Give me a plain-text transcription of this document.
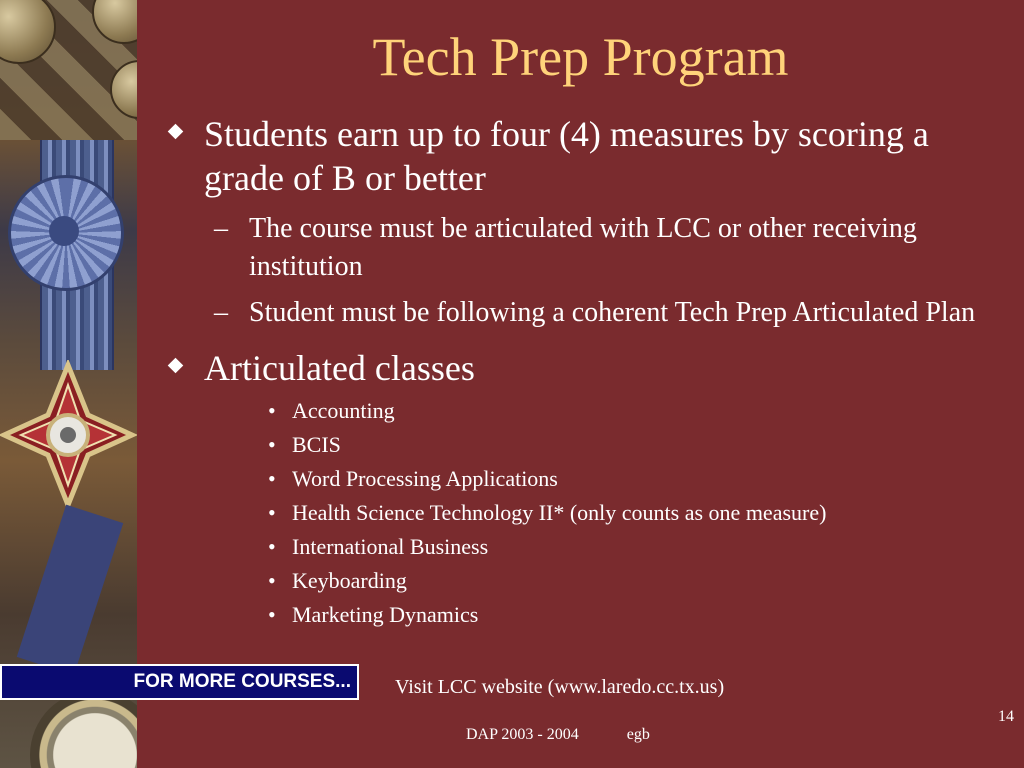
Tech Prep Program
Students earn up to four (4) measures by scoring a grade of B or better
– The course must be articulated with LCC or other receiving institution
– Student must be following a coherent Tech Prep Articulated Plan
Articulated classes
• Accounting
• BCIS
• Word Processing Applications
• Health Science Technology II* (only counts as one measure)
• International Business
• Keyboarding
• Marketing Dynamics
FOR MORE COURSES...	Visit LCC website (www.laredo.cc.tx.us)
14
DAP 2003 - 2004	egb
